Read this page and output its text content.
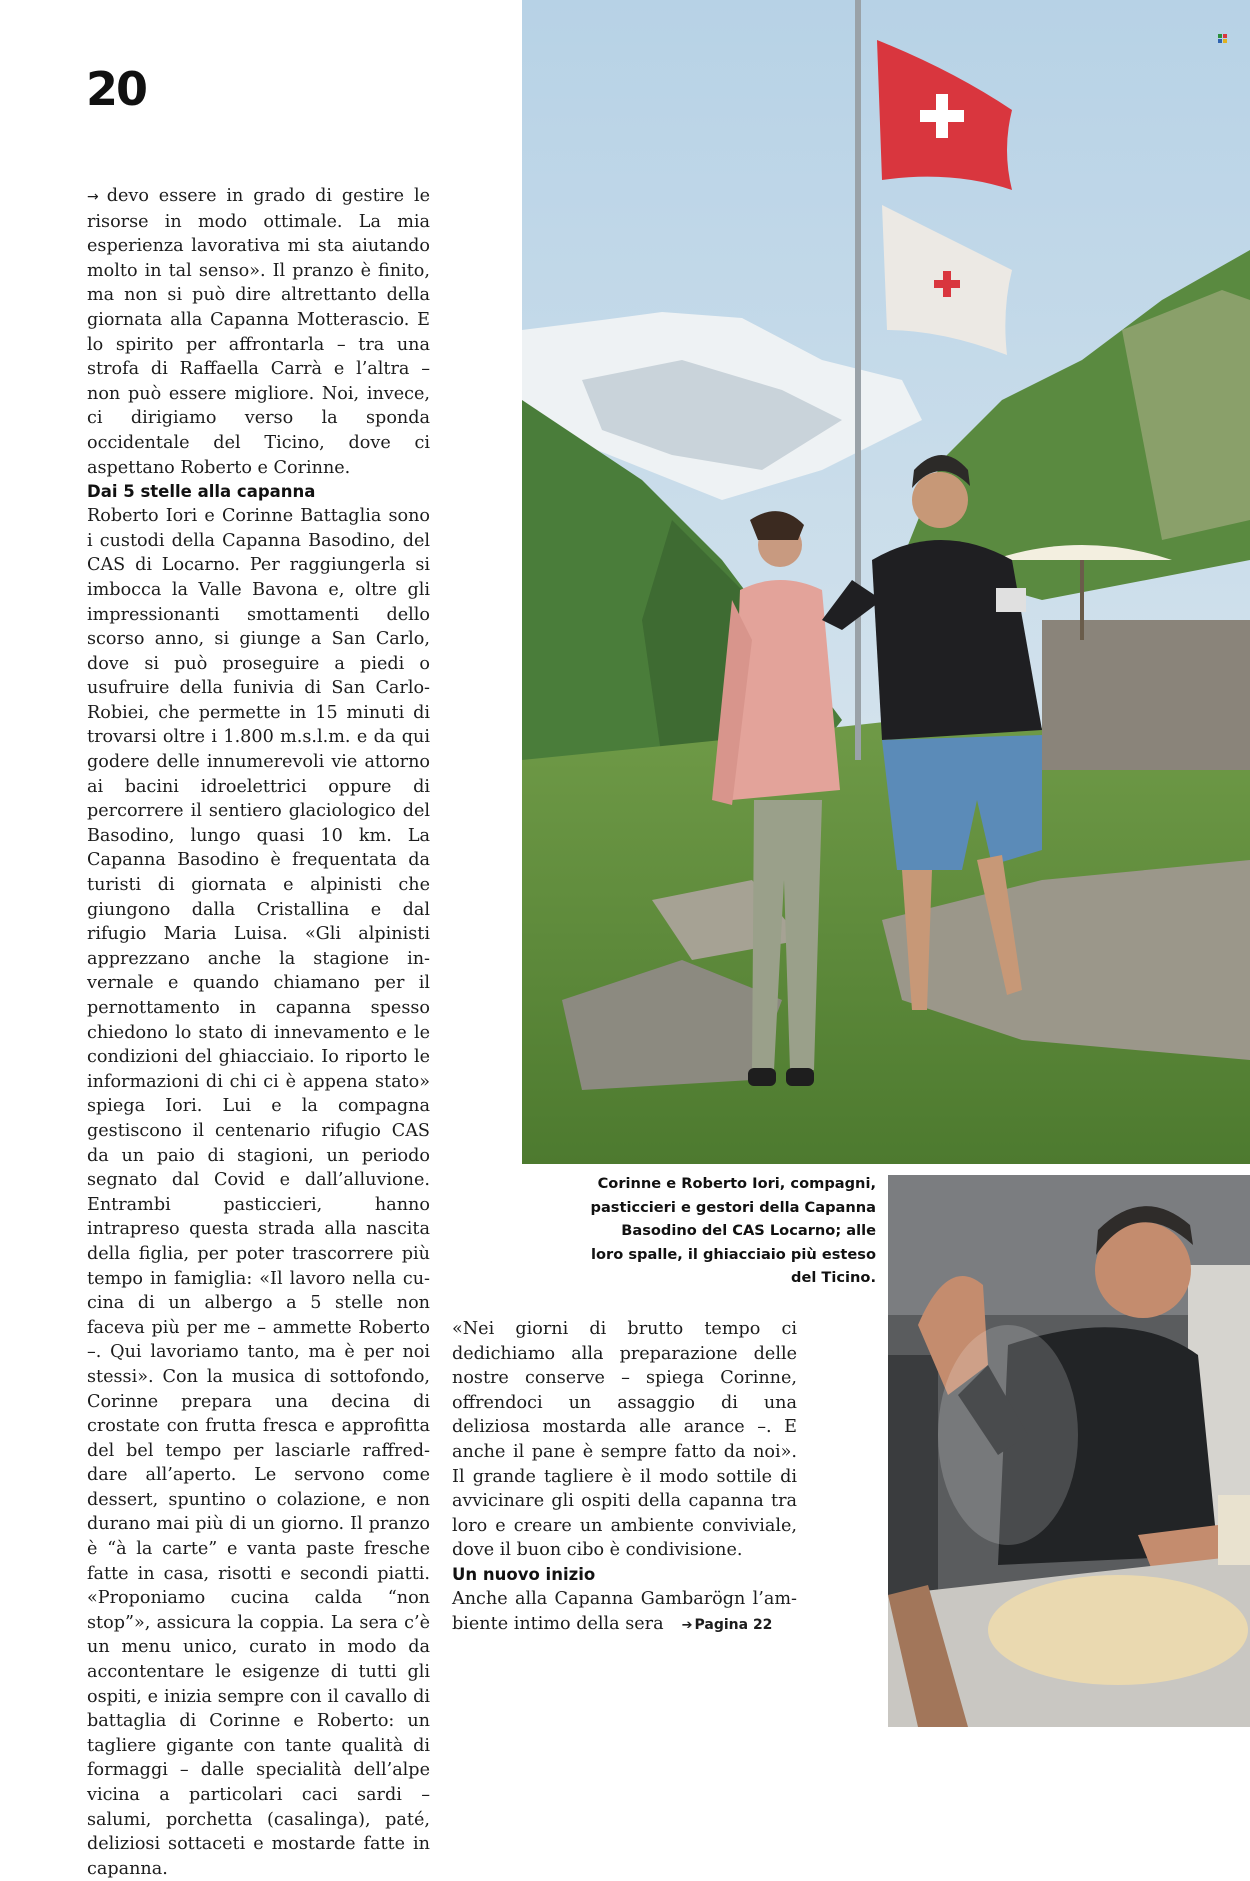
20

→ devo essere in grado di gestire le risorse in modo ottimale. La mia esperienza lavorativa mi sta aiutando molto in tal senso». Il pranzo è finito, ma non si può dire altrettanto della giornata alla Capanna Motterascio. E lo spirito per affrontarla – tra una strofa di Raffaella Carrà e l’altra – non può essere migliore. Noi, invece, ci dirigiamo verso la sponda occidentale del Ticino, dove ci aspettano Roberto e Corinne.

Dai 5 stelle alla capanna

Roberto Iori e Corinne Battaglia sono i custodi della Capanna Basodino, del CAS di Locarno. Per raggiungerla si imbocca la Valle Bavona e, oltre gli impressionanti smottamenti dello scorso anno, si giunge a San Carlo, dove si può proseguire a piedi o usufruire della funivia di San Carlo-Robiei, che permette in 15 minuti di trovarsi oltre i 1.800 m.s.l.m. e da qui godere delle innumerevoli vie attorno ai bacini idroelettrici oppure di percorrere il sentiero glaciologico del Basodino, lungo quasi 10 km. La Capanna Basodino è frequentata da turisti di giornata e alpinisti che giungono dalla Cristallina e dal rifugio Maria Luisa. «Gli alpinisti apprezzano anche la stagione invernale e quando chiamano per il pernottamento in capanna spesso chiedono lo stato di innevamento e le condizioni del ghiacciaio. Io riporto le informazioni di chi ci è appena stato» spiega Iori. Lui e la compagna gestiscono il centenario rifugio CAS da un paio di stagioni, un periodo segnato dal Covid e dall’alluvione. Entrambi pasticcieri, hanno intrapreso questa strada alla nascita della figlia, per poter trascorrere più tempo in famiglia: «Il lavoro nella cucina di un albergo a 5 stelle non faceva più per me – ammette Roberto –. Qui lavoriamo tanto, ma è per noi stessi». Con la musica di sottofondo, Corinne prepara una decina di crostate con frutta fresca e approfitta del bel tempo per lasciarle raffreddare all’aperto. Le servono come dessert, spuntino o colazione, e non durano mai più di un giorno. Il pranzo è “à la carte” e vanta paste fresche fatte in casa, risotti e secondi piatti. «Proponiamo cucina calda “non stop”», assicura la coppia. La sera c’è un menu unico, curato in modo da accontentare le esigenze di tutti gli ospiti, e inizia sempre con il cavallo di battaglia di Corinne e Roberto: un tagliere gigante con tante qualità di formaggi – dalle specialità dell’alpe vicina a particolari caci sardi – salumi, porchetta (casalinga), paté, deliziosi sottaceti e mostarde fatte in capanna.

Corinne e Roberto Iori, compagni, pasticcieri e gestori della Capanna Basodino del CAS Locarno; alle loro spalle, il ghiacciaio più esteso del Ticino.

«Nei giorni di brutto tempo ci dedichiamo alla preparazione delle nostre conserve – spiega Corinne, offrendoci un assaggio di una deliziosa mostarda alle arance –. E anche il pane è sempre fatto da noi». Il grande tagliere è il modo sottile di avvicinare gli ospiti della capanna tra loro e creare un ambiente conviviale, dove il buon cibo è condivisione.

Un nuovo inizio

Anche alla Capanna Gambarögn l’ambiente intimo della sera ➔ Pagina 22
